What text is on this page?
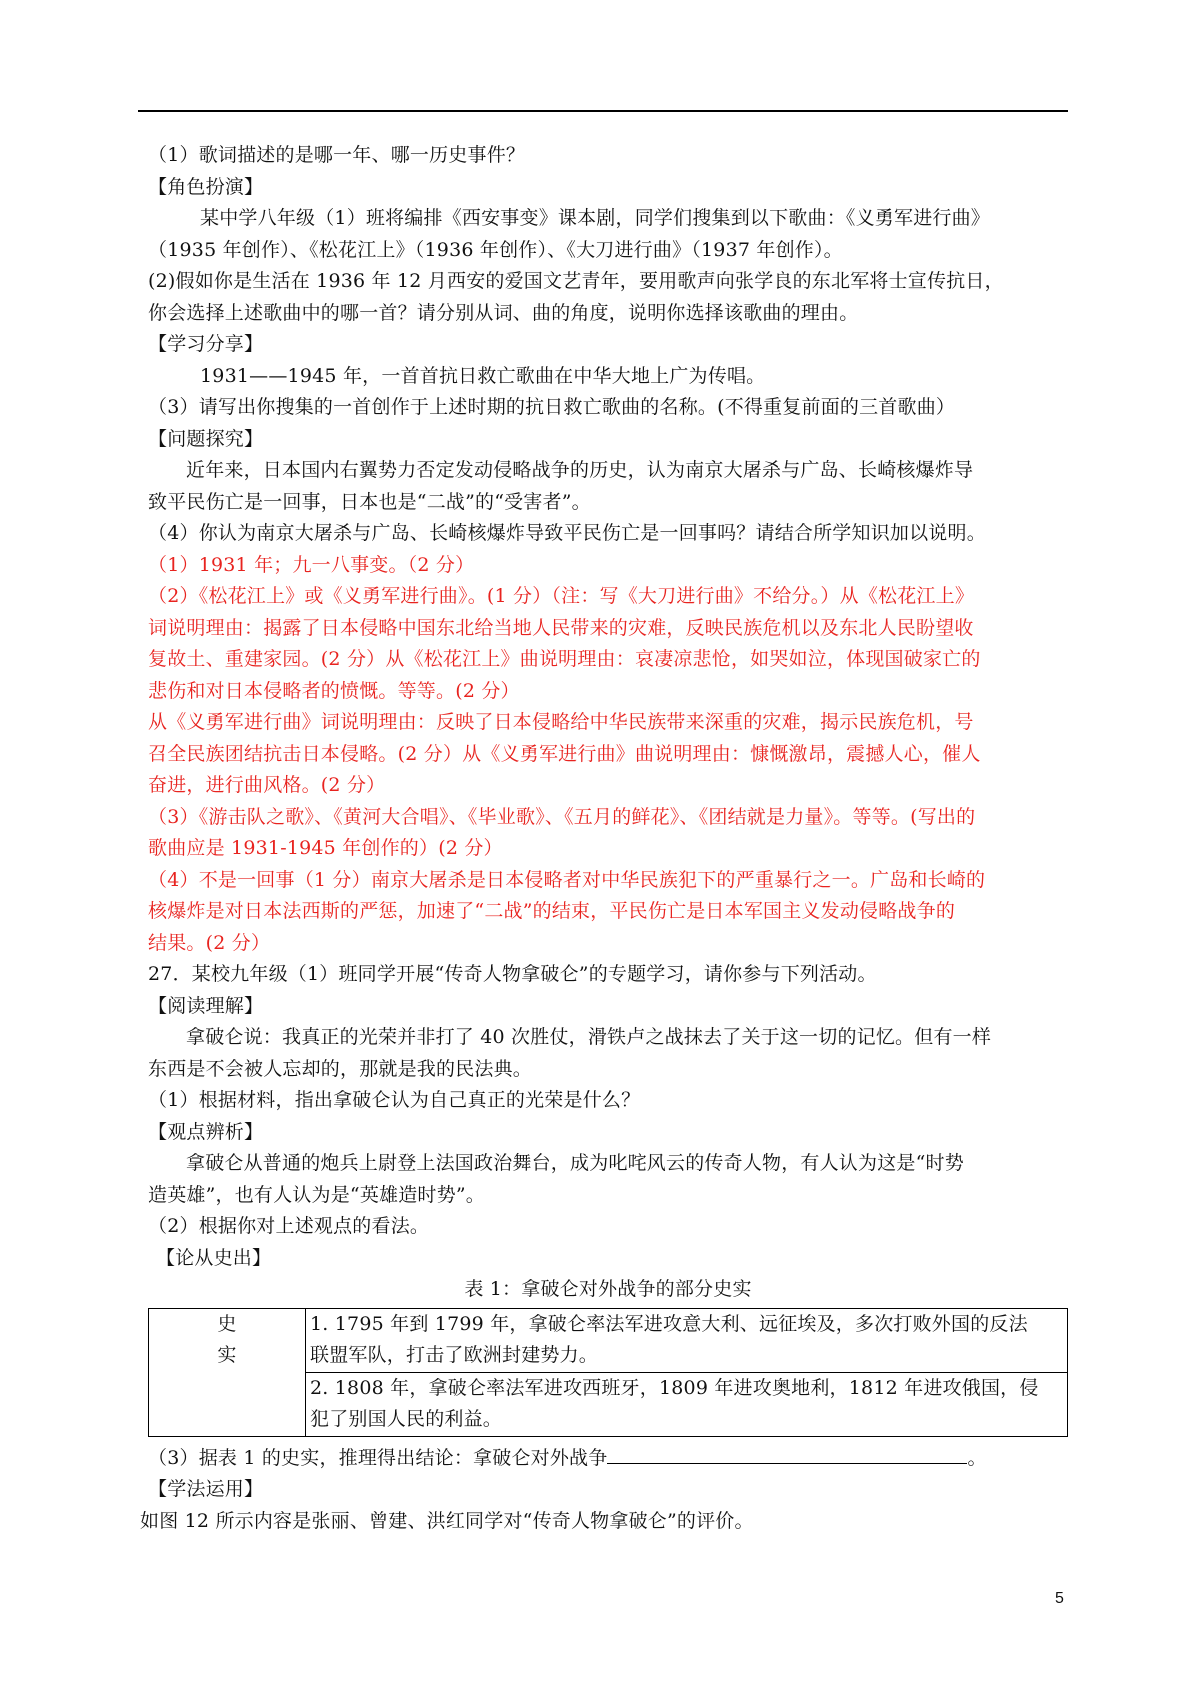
（1）歌词描述的是哪一年、哪一历史事件？
【角色扮演】
某中学八年级（1）班将编排《西安事变》课本剧，同学们搜集到以下歌曲：《义勇军进行曲》
（1935 年创作）、《松花江上》（1936 年创作）、《大刀进行曲》（1937 年创作）。
(2)假如你是生活在 1936 年 12 月西安的爱国文艺青年，要用歌声向张学良的东北军将士宣传抗日，
你会选择上述歌曲中的哪一首？请分别从词、曲的角度，说明你选择该歌曲的理由。
【学习分享】
1931——1945 年，一首首抗日救亡歌曲在中华大地上广为传唱。
（3）请写出你搜集的一首创作于上述时期的抗日救亡歌曲的名称。(不得重复前面的三首歌曲）
【问题探究】
近年来，日本国内右翼势力否定发动侵略战争的历史，认为南京大屠杀与广岛、长崎核爆炸导
致平民伤亡是一回事，日本也是“二战”的“受害者”。
（4）你认为南京大屠杀与广岛、长崎核爆炸导致平民伤亡是一回事吗？请结合所学知识加以说明。
（1）1931 年；九一八事变。（2 分）
（2）《松花江上》或《义勇军进行曲》。(1 分）（注：写《大刀进行曲》不给分。）从《松花江上》
词说明理由：揭露了日本侵略中国东北给当地人民带来的灾难，反映民族危机以及东北人民盼望收
复故土、重建家园。(2 分）从《松花江上》曲说明理由：哀凄凉悲怆，如哭如泣，体现国破家亡的
悲伤和对日本侵略者的愤慨。等等。(2 分）
从《义勇军进行曲》词说明理由：反映了日本侵略给中华民族带来深重的灾难，揭示民族危机，号
召全民族团结抗击日本侵略。(2 分）从《义勇军进行曲》曲说明理由：慷慨激昂，震撼人心，催人
奋进，进行曲风格。(2 分）
（3）《游击队之歌》、《黄河大合唱》、《毕业歌》、《五月的鲜花》、《团结就是力量》。等等。(写出的
歌曲应是 1931-1945 年创作的）(2 分）
（4）不是一回事（1 分）南京大屠杀是日本侵略者对中华民族犯下的严重暴行之一。广岛和长崎的
核爆炸是对日本法西斯的严惩，加速了“二战”的结束，平民伤亡是日本军国主义发动侵略战争的
结果。(2 分）
27．某校九年级（1）班同学开展“传奇人物拿破仑”的专题学习，请你参与下列活动。
【阅读理解】
拿破仑说：我真正的光荣并非打了 40 次胜仗，滑铁卢之战抹去了关于这一切的记忆。但有一样
东西是不会被人忘却的，那就是我的民法典。
（1）根据材料，指出拿破仑认为自己真正的光荣是什么？
【观点辨析】
拿破仑从普通的炮兵上尉登上法国政治舞台，成为叱咤风云的传奇人物，有人认为这是“时势
造英雄”，也有人认为是“英雄造时势”。
（2）根据你对上述观点的看法。
【论从史出】
表 1：拿破仑对外战争的部分史实
史
实

1. 1795 年到 1799 年，拿破仑率法军进攻意大利、远征埃及，多次打败外国的反法
联盟军队，打击了欧洲封建势力。

2. 1808 年，拿破仑率法军进攻西班牙，1809 年进攻奥地利，1812 年进攻俄国，侵
犯了别国人民的利益。
（3）据表 1 的史实，推理得出结论：拿破仑对外战争	。
【学法运用】
如图 12 所示内容是张丽、曾建、洪红同学对“传奇人物拿破仑”的评价。
5
